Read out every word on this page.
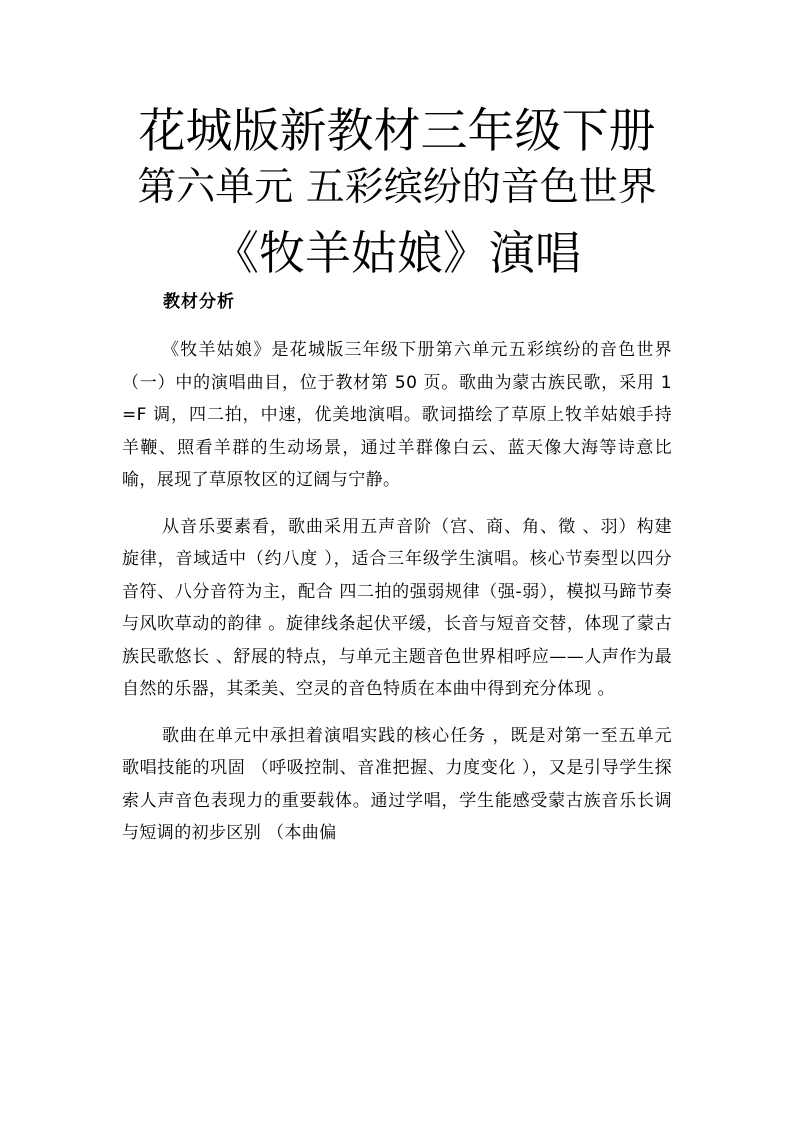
花城版新教材三年级下册
第六单元 五彩缤纷的音色世界
《牧羊姑娘》演唱
教材分析

《牧羊姑娘》是花城版三年级下册第六单元五彩缤纷的音色世界（一）中的演唱曲目，位于教材第 50 页。歌曲为蒙古族民歌，采用 1=F 调，四二拍，中速，优美地演唱。歌词描绘了草原上牧羊姑娘手持羊鞭、照看羊群的生动场景，通过羊群像白云、蓝天像大海等诗意比喻，展现了草原牧区的辽阔与宁静。

从音乐要素看，歌曲采用五声音阶（宫、商、角、徵 、羽）构建旋律，音域适中（约八度 ），适合三年级学生演唱。核心节奏型以四分音符、八分音符为主，配合 四二拍的强弱规律（强-弱），模拟马蹄节奏与风吹草动的韵律 。旋律线条起伏平缓，长音与短音交替，体现了蒙古族民歌悠长 、舒展的特点，与单元主题音色世界相呼应——人声作为最自然的乐器，其柔美、空灵的音色特质在本曲中得到充分体现 。

歌曲在单元中承担着演唱实践的核心任务 ，既是对第一至五单元歌唱技能的巩固 （呼吸控制、音准把握、力度变化 ），又是引导学生探索人声音色表现力的重要载体。通过学唱，学生能感受蒙古族音乐长调与短调的初步区别 （本曲偏
